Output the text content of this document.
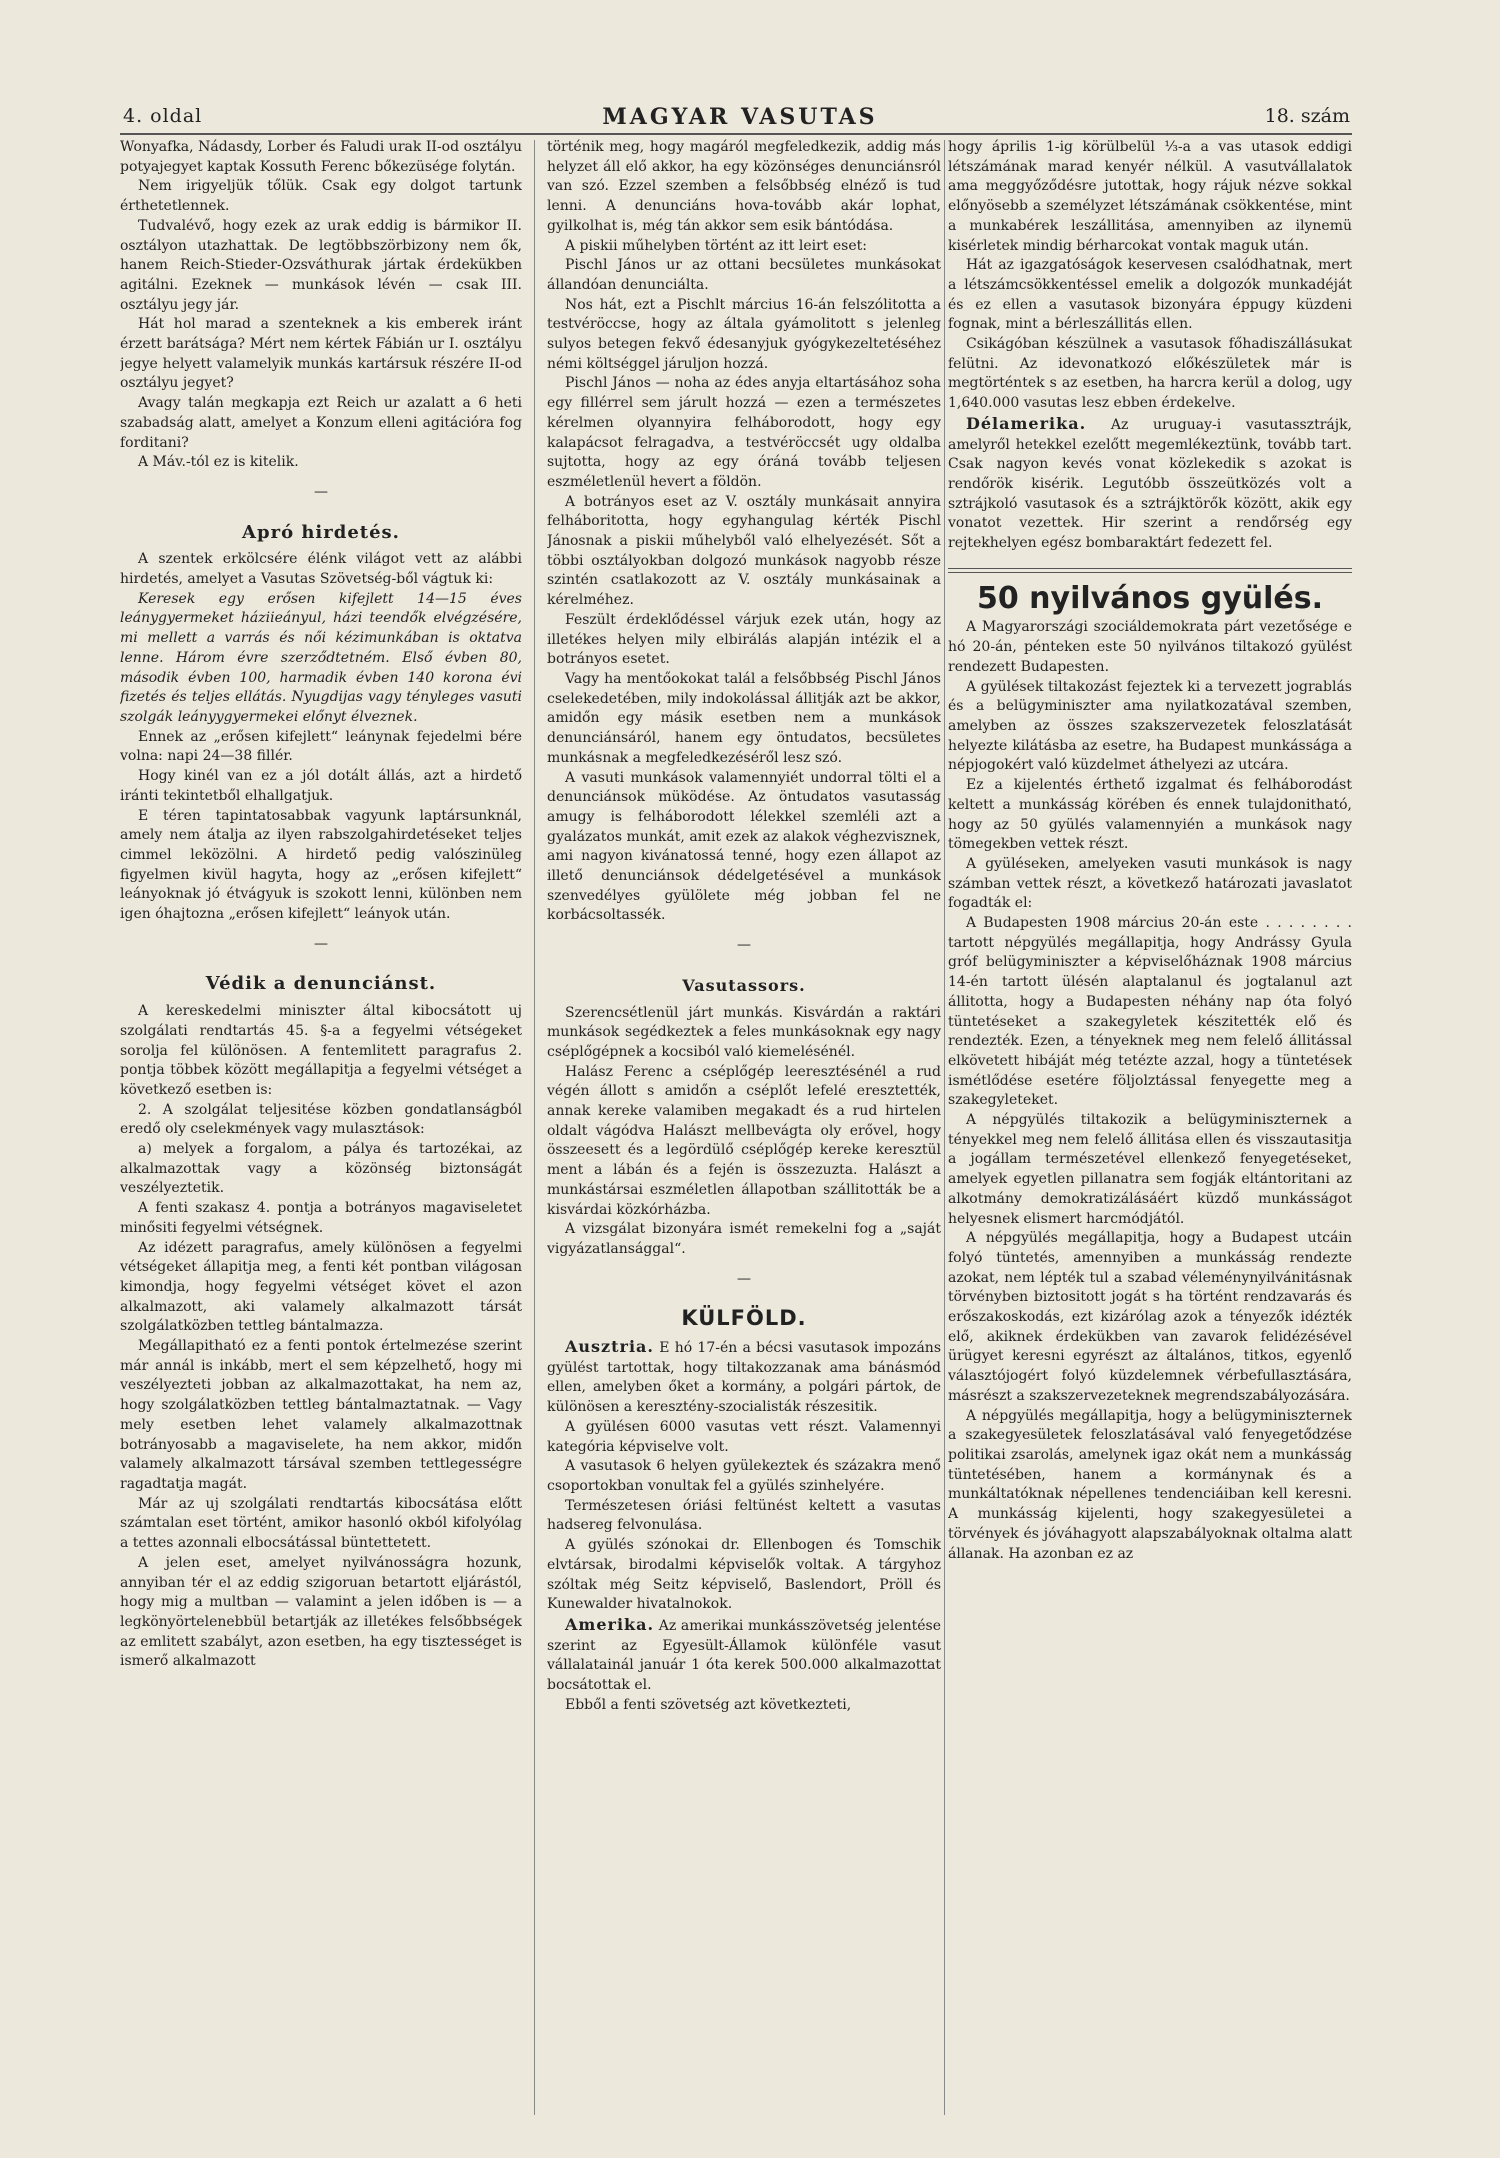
4. oldal	MAGYAR VASUTAS	18. szám

Wonyafka, Nádasdy, Lorber és Faludi urak II-od osztályu potyajegyet kaptak Kossuth Ferenc bőkezüsége folytán.

Nem irigyeljük tőlük. Csak egy dolgot tartunk érthetetlennek.

Tudvalévő, hogy ezek az urak eddig is bármikor II. osztályon utazhattak. De legtöbbszörbizony nem ők, hanem Reich-Stieder-Ozsváthurak jártak érdekükben agitálni. Ezeknek — munkások lévén — csak III. osztályu jegy jár.

Hát hol marad a szenteknek a kis emberek iránt érzett barátsága? Mért nem kértek Fábián ur I. osztályu jegye helyett valamelyik munkás kartársuk részére II-od osztályu jegyet?

Avagy talán megkapja ezt Reich ur azalatt a 6 heti szabadság alatt, amelyet a Konzum elleni agitációra fog forditani?

A Máv.-tól ez is kitelik.

—
Apró hirdetés.

A szentek erkölcsére élénk világot vett az alábbi hirdetés, amelyet a Vasutas Szövetség-ből vágtuk ki:

Keresek egy erősen kifejlett 14—15 éves leánygyermeket háziieányul, házi teendők elvégzésére, mi mellett a varrás és női kézimunkában is oktatva lenne. Három évre szerződtetném. Első évben 80, második évben 100, harmadik évben 140 korona évi fizetés és teljes ellátás. Nyugdijas vagy tényleges vasuti szolgák leányygyermekei előnyt élveznek.

Ennek az „erősen kifejlett“ leánynak fejedelmi bére volna: napi 24—38 fillér.

Hogy kinél van ez a jól dotált állás, azt a hirdető iránti tekintetből elhallgatjuk.

E téren tapintatosabbak vagyunk laptársunknál, amely nem átalja az ilyen rabszolgahirdetéseket teljes cimmel leközölni. A hirdető pedig valószinüleg figyelmen kivül hagyta, hogy az „erősen kifejlett“ leányoknak jó étvágyuk is szokott lenni, különben nem igen óhajtozna „erősen kifejlett“ leányok után.

—
Védik a denunciánst.

A kereskedelmi miniszter által kibocsátott uj szolgálati rendtartás 45. §-a a fegyelmi vétségeket sorolja fel különösen. A fentemlitett paragrafus 2. pontja többek között megállapitja a fegyelmi vétséget a következő esetben is:

2. A szolgálat teljesitése közben gondatlanságból eredő oly cselekmények vagy mulasztások:

a) melyek a forgalom, a pálya és tartozékai, az alkalmazottak vagy a közönség biztonságát veszélyeztetik.

A fenti szakasz 4. pontja a botrányos magaviseletet minősiti fegyelmi vétségnek.

Az idézett paragrafus, amely különösen a fegyelmi vétségeket állapitja meg, a fenti két pontban világosan kimondja, hogy fegyelmi vétséget követ el azon alkalmazott, aki valamely alkalmazott társát szolgálatközben tettleg bántalmazza.

Megállapitható ez a fenti pontok értelmezése szerint már annál is inkább, mert el sem képzelhető, hogy mi veszélyezteti jobban az alkalmazottakat, ha nem az, hogy szolgálatközben tettleg bántalmaztatnak. — Vagy mely esetben lehet valamely alkalmazottnak botrányosabb a magaviselete, ha nem akkor, midőn valamely alkalmazott társával szemben tettlegességre ragadtatja magát.

Már az uj szolgálati rendtartás kibocsátása előtt számtalan eset történt, amikor hasonló okból kifolyólag a tettes azonnali elbocsátással büntettetett.

A jelen eset, amelyet nyilvánosságra hozunk, annyiban tér el az eddig szigoruan betartott eljárástól, hogy mig a multban — valamint a jelen időben is — a legkönyörtelenebbül betartják az illetékes felsőbbségek az emlitett szabályt, azon esetben, ha egy tisztességet is ismerő alkalmazott

történik meg, hogy magáról megfeledkezik, addig más helyzet áll elő akkor, ha egy közönséges denunciánsról van szó. Ezzel szemben a felsőbbség elnéző is tud lenni. A denunciáns hova-tovább akár lophat, gyilkolhat is, még tán akkor sem esik bántódása.

A piskii műhelyben történt az itt leirt eset:

Pischl János ur az ottani becsületes munkásokat állandóan denunciálta.

Nos hát, ezt a Pischlt március 16-án felszólitotta a testvéröccse, hogy az általa gyámolitott s jelenleg sulyos betegen fekvő édesanyjuk gyógykezeltetéséhez némi költséggel járuljon hozzá.

Pischl János — noha az édes anyja eltartásához soha egy fillérrel sem járult hozzá — ezen a természetes kérelmen olyannyira felháborodott, hogy egy kalapácsot felragadva, a testvéröccsét ugy oldalba sujtotta, hogy az egy óráná tovább teljesen eszméletlenül hevert a földön.

A botrányos eset az V. osztály munkásait annyira felháboritotta, hogy egyhangulag kérték Pischl Jánosnak a piskii műhelyből való elhelyezését. Sőt a többi osztályokban dolgozó munkások nagyobb része szintén csatlakozott az V. osztály munkásainak a kérelméhez.

Feszült érdeklődéssel várjuk ezek után, hogy az illetékes helyen mily elbirálás alapján intézik el a botrányos esetet.

Vagy ha mentőokokat talál a felsőbbség Pischl János cselekedetében, mily indokolással állitják azt be akkor, amidőn egy másik esetben nem a munkások denunciánsáról, hanem egy öntudatos, becsületes munkásnak a megfeledkezéséről lesz szó.

A vasuti munkások valamennyiét undorral tölti el a denunciánsok müködése. Az öntudatos vasutasság amugy is felháborodott lélekkel szemléli azt a gyalázatos munkát, amit ezek az alakok véghezvisznek, ami nagyon kivánatossá tenné, hogy ezen állapot az illető denunciánsok dédelgetésével a munkások szenvedélyes gyülölete még jobban fel ne korbácsoltassék.

—
Vasutassors.

Szerencsétlenül járt munkás. Kisvárdán a raktári munkások segédkeztek a feles munkásoknak egy nagy cséplőgépnek a kocsiból való kiemelésénél.

Halász Ferenc a cséplőgép leeresztésénél a rud végén állott s amidőn a cséplőt lefelé eresztették, annak kereke valamiben megakadt és a rud hirtelen oldalt vágódva Halászt mellbevágta oly erővel, hogy összeesett és a legördülő cséplőgép kereke keresztül ment a lábán és a fején is összezuzta. Halászt a munkástársai eszméletlen állapotban szállitották be a kisvárdai közkórházba.

A vizsgálat bizonyára ismét remekelni fog a „saját vigyázatlansággal“.

—
KÜLFÖLD.

Ausztria. E hó 17-én a bécsi vasutasok impozáns gyülést tartottak, hogy tiltakozzanak ama bánásmód ellen, amelyben őket a kormány, a polgári pártok, de különösen a keresztény-szocialisták részesitik.

A gyülésen 6000 vasutas vett részt. Valamennyi kategória képviselve volt.

A vasutasok 6 helyen gyülekeztek és százakra menő csoportokban vonultak fel a gyülés szinhelyére.

Természetesen óriási feltünést keltett a vasutas hadsereg felvonulása.

A gyülés szónokai dr. Ellenbogen és Tomschik elvtársak, birodalmi képviselők voltak. A tárgyhoz szóltak még Seitz képviselő, Baslendort, Pröll és Kunewalder hivatalnokok.

Amerika. Az amerikai munkásszövetség jelentése szerint az Egyesült-Államok különféle vasut vállalatainál január 1 óta kerek 500.000 alkalmazottat bocsátottak el.

Ebből a fenti szövetség azt következteti,

hogy április 1-ig körülbelül ⅓-a a vas utasok eddigi létszámának marad kenyér nélkül. A vasutvállalatok ama meggyőződésre jutottak, hogy rájuk nézve sokkal előnyösebb a személyzet létszámának csökkentése, mint a munkabérek leszállitása, amennyiben az ilynemü kisérletek mindig bérharcokat vontak maguk után.

Hát az igazgatóságok keservesen csalódhatnak, mert a létszámcsökkentéssel emelik a dolgozók munkadéját és ez ellen a vasutasok bizonyára éppugy küzdeni fognak, mint a bérleszállitás ellen.

Csikágóban készülnek a vasutasok főhadiszállásukat felütni. Az idevonatkozó előkészületek már is megtörténtek s az esetben, ha harcra kerül a dolog, ugy 1,640.000 vasutas lesz ebben érdekelve.

Délamerika. Az uruguay-i vasutassztrájk, amelyről hetekkel ezelőtt megemlékeztünk, tovább tart. Csak nagyon kevés vonat közlekedik s azokat is rendőrök kisérik. Legutóbb összeütközés volt a sztrájkoló vasutasok és a sztrájktörők között, akik egy vonatot vezettek. Hir szerint a rendőrség egy rejtekhelyen egész bombaraktárt fedezett fel.

50 nyilvános gyülés.

A Magyarországi szociáldemokrata párt vezetősége e hó 20-án, pénteken este 50 nyilvános tiltakozó gyülést rendezett Budapesten.

A gyülések tiltakozást fejeztek ki a tervezett jograblás és a belügyminiszter ama nyilatkozatával szemben, amelyben az összes szakszervezetek feloszlatását helyezte kilátásba az esetre, ha Budapest munkássága a népjogokért való küzdelmet áthelyezi az utcára.

Ez a kijelentés érthető izgalmat és felháborodást keltett a munkásság körében és ennek tulajdonitható, hogy az 50 gyülés valamennyién a munkások nagy tömegekben vettek részt.

A gyüléseken, amelyeken vasuti munkások is nagy számban vettek részt, a következő határozati javaslatot fogadták el:

A Budapesten 1908 március 20-án este . . . . . . . . tartott népgyülés megállapitja, hogy Andrássy Gyula gróf belügyminiszter a képviselőháznak 1908 március 14-én tartott ülésén alaptalanul és jogtalanul azt állitotta, hogy a Budapesten néhány nap óta folyó tüntetéseket a szakegyletek készitették elő és rendezték. Ezen, a tényeknek meg nem felelő állitással elkövetett hibáját még tetézte azzal, hogy a tüntetések ismétlődése esetére följolztással fenyegette meg a szakegyleteket.

A népgyülés tiltakozik a belügyminiszternek a tényekkel meg nem felelő állitása ellen és visszautasitja a jogállam természetével ellenkező fenyegetéseket, amelyek egyetlen pillanatra sem fogják eltántoritani az alkotmány demokratizálásáért küzdő munkásságot helyesnek elismert harcmódjától.

A népgyülés megállapitja, hogy a Budapest utcáin folyó tüntetés, amennyiben a munkásság rendezte azokat, nem lépték tul a szabad véleménynyilvánitásnak törvényben biztositott jogát s ha történt rendzavarás és erőszakoskodás, ezt kizárólag azok a tényezők idézték elő, akiknek érdekükben van zavarok felidézésével ürügyet keresni egyrészt az általános, titkos, egyenlő választójogért folyó küzdelemnek vérbefullasztására, másrészt a szakszervezeteknek megrendszabályozására.

A népgyülés megállapitja, hogy a belügyminiszternek a szakegyesületek feloszlatásával való fenyegetődzése politikai zsarolás, amelynek igaz okát nem a munkásság tüntetésében, hanem a kormánynak és a munkáltatóknak népellenes tendenciáiban kell keresni. A munkásság kijelenti, hogy szakegyesületei a törvények és jóváhagyott alapszabályoknak oltalma alatt állanak. Ha azonban ez az
